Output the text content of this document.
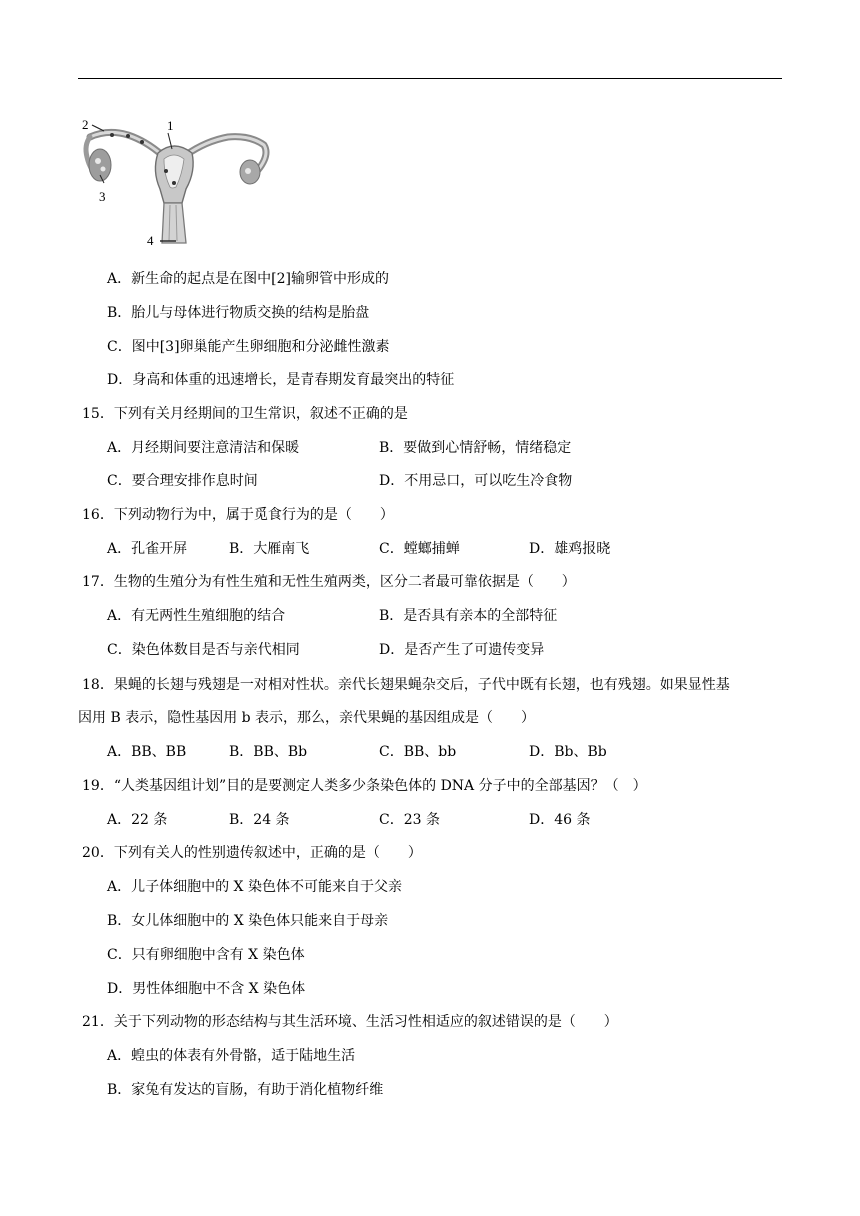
1
2
3
4
A．新生命的起点是在图中[2]输卵管中形成的
B．胎儿与母体进行物质交换的结构是胎盘
C．图中[3]卵巢能产生卵细胞和分泌雌性激素
D．身高和体重的迅速增长，是青春期发育最突出的特征
15．下列有关月经期间的卫生常识，叙述不正确的是
A．月经期间要注意清洁和保暖	B．要做到心情舒畅，情绪稳定
C．要合理安排作息时间	D．不用忌口，可以吃生冷食物
16．下列动物行为中，属于觅食行为的是（　　）
A．孔雀开屏	B．大雁南飞	C．螳螂捕蝉	D．雄鸡报晓
17．生物的生殖分为有性生殖和无性生殖两类，区分二者最可靠依据是（　　）
A．有无两性生殖细胞的结合	B．是否具有亲本的全部特征
C．染色体数目是否与亲代相同	D．是否产生了可遗传变异
18．果蝇的长翅与残翅是一对相对性状。亲代长翅果蝇杂交后，子代中既有长翅，也有残翅。如果显性基
因用 B 表示，隐性基因用 b 表示，那么，亲代果蝇的基因组成是（　　）
A．BB、BB	B．BB、Bb	C．BB、bb	D．Bb、Bb
19．“人类基因组计划”目的是要测定人类多少条染色体的 DNA 分子中的全部基因？（　）
A．22 条	B．24 条	C．23 条	D．46 条
20．下列有关人的性别遗传叙述中，正确的是（　　）
A．儿子体细胞中的 X 染色体不可能来自于父亲
B．女儿体细胞中的 X 染色体只能来自于母亲
C．只有卵细胞中含有 X 染色体
D．男性体细胞中不含 X 染色体
21．关于下列动物的形态结构与其生活环境、生活习性相适应的叙述错误的是（　　）
A．蝗虫的体表有外骨骼，适于陆地生活
B．家兔有发达的盲肠，有助于消化植物纤维
